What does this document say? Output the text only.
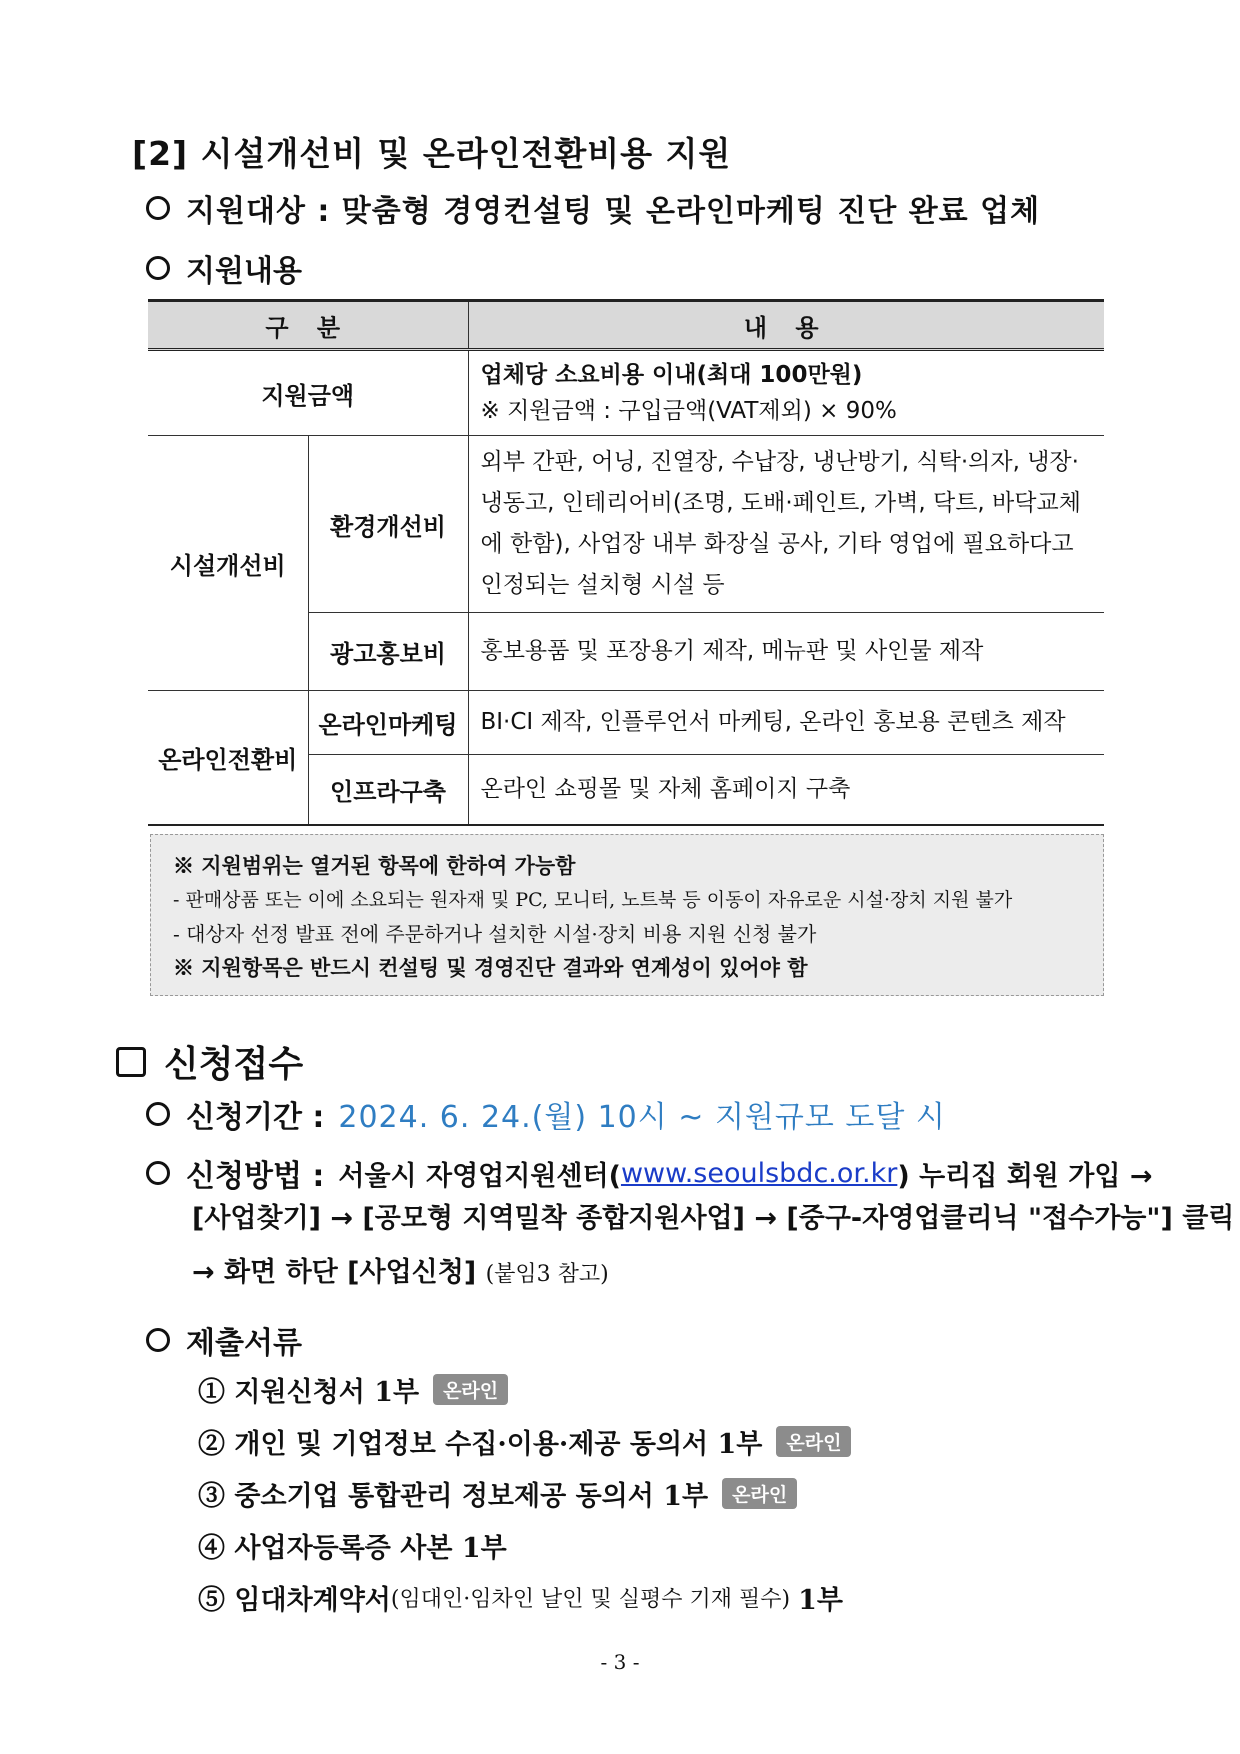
[2] 시설개선비 및 온라인전환비용 지원
지원대상 : 맞춤형 경영컨설팅 및 온라인마케팅 진단 완료 업체
지원내용
구 분		내 용
지원금액		업체당 소요비용 이내(최대 100만원)
※ 지원금액 : 구입금액(VAT제외) × 90%

시설개선비	환경개선비	외부 간판, 어닝, 진열장, 수납장, 냉난방기, 식탁·의자, 냉장·냉동고, 인테리어비(조명, 도배·페인트, 가벽, 닥트, 바닥교체에 한함), 사업장 내부 화장실 공사, 기타 영업에 필요하다고 인정되는 설치형 시설 등
	광고홍보비	홍보용품 및 포장용기 제작, 메뉴판 및 사인물 제작
온라인전환비	온라인마케팅	BI·CI 제작, 인플루언서 마케팅, 온라인 홍보용 콘텐츠 제작
	인프라구축	온라인 쇼핑몰 및 자체 홈페이지 구축
※ 지원범위는 열거된 항목에 한하여 가능함
- 판매상품 또는 이에 소요되는 원자재 및 PC, 모니터, 노트북 등 이동이 자유로운 시설·장치 지원 불가
- 대상자 선정 발표 전에 주문하거나 설치한 시설·장치 비용 지원 신청 불가
※ 지원항목은 반드시 컨설팅 및 경영진단 결과와 연계성이 있어야 함
신청접수
신청기간 : 2024. 6. 24.(월) 10시 ~ 지원규모 도달 시
신청방법 : 서울시 자영업지원센터( www.seoulsbdc.or.kr ) 누리집 회원 가입 →
[사업찾기] → [공모형 지역밀착 종합지원사업] → [중구-자영업클리닉 "접수가능"] 클릭
→ 화면 하단 [사업신청] (붙임3 참고)
제출서류
① 지원신청서 1부	온라인
② 개인 및 기업정보 수집·이용·제공 동의서 1부	온라인
③ 중소기업 통합관리 정보제공 동의서 1부	온라인
④ 사업자등록증 사본 1부
⑤ 임대차계약서 (임대인·임차인 날인 및 실평수 기재 필수) 1부
- 3 -
